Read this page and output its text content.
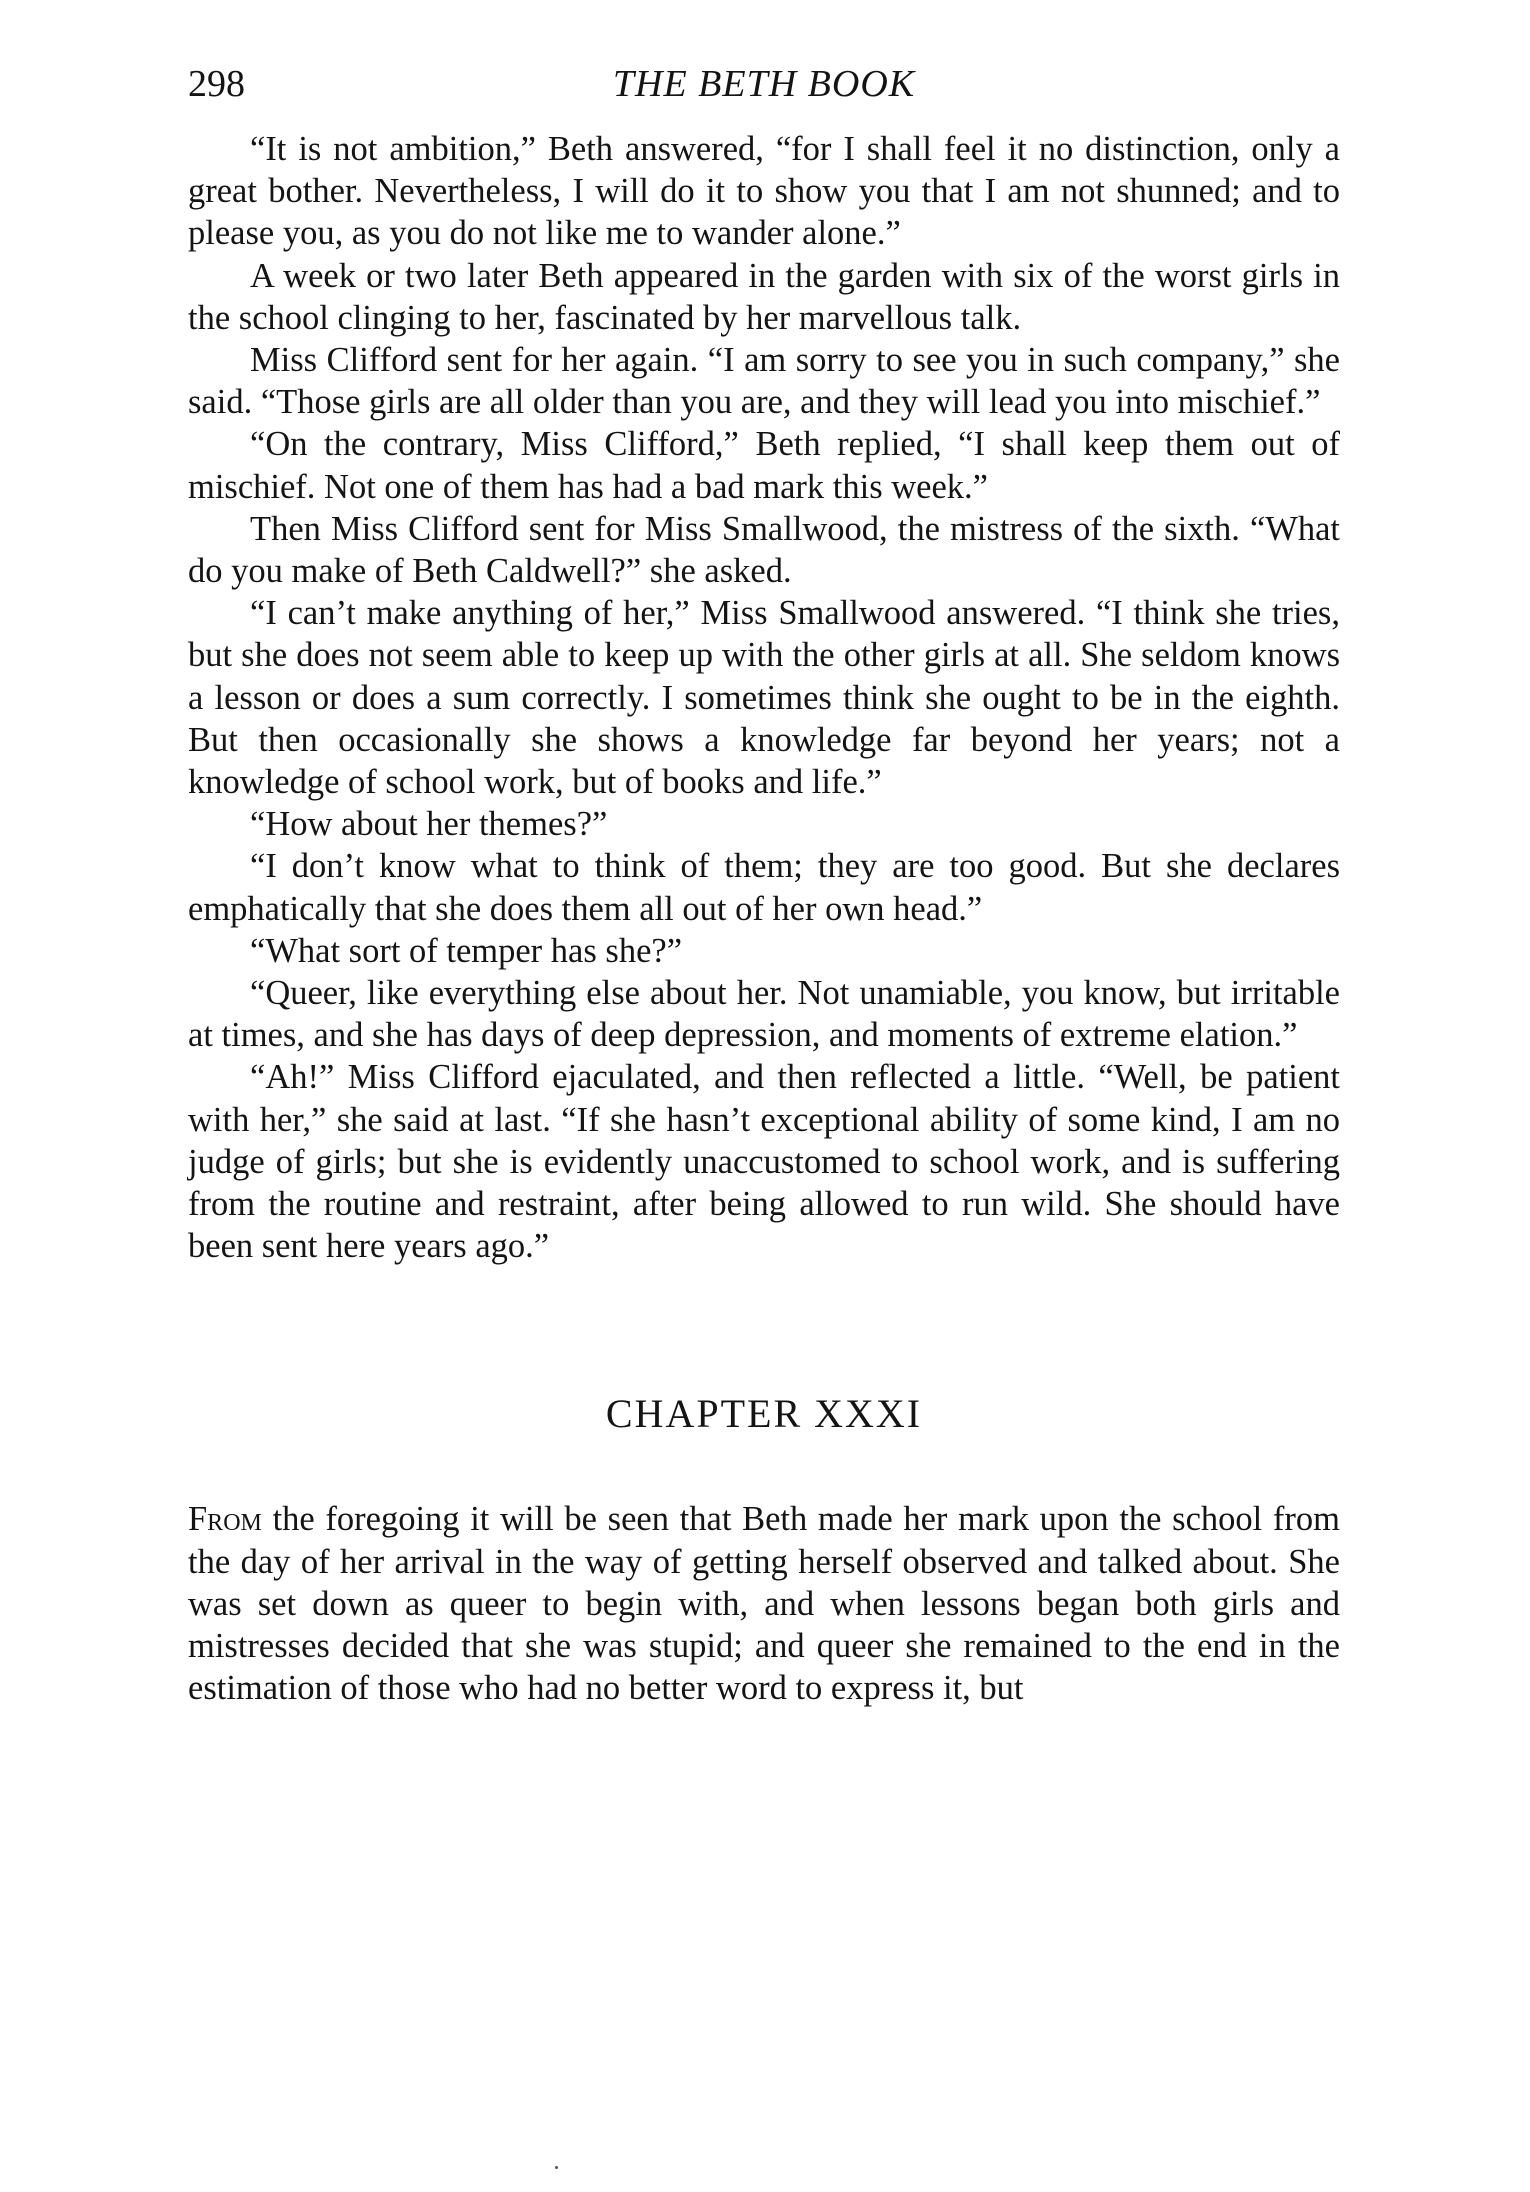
298	THE BETH BOOK

“It is not ambition,” Beth answered, “for I shall feel it no distinction, only a great bother. Nevertheless, I will do it to show you that I am not shunned; and to please you, as you do not like me to wander alone.”

A week or two later Beth appeared in the garden with six of the worst girls in the school clinging to her, fascinated by her marvellous talk.

Miss Clifford sent for her again. “I am sorry to see you in such company,” she said. “Those girls are all older than you are, and they will lead you into mischief.”

“On the contrary, Miss Clifford,” Beth replied, “I shall keep them out of mischief. Not one of them has had a bad mark this week.”

Then Miss Clifford sent for Miss Smallwood, the mistress of the sixth. “What do you make of Beth Caldwell?” she asked.

“I can’t make anything of her,” Miss Smallwood answered. “I think she tries, but she does not seem able to keep up with the other girls at all. She seldom knows a lesson or does a sum correctly. I sometimes think she ought to be in the eighth. But then occasionally she shows a knowledge far beyond her years; not a knowledge of school work, but of books and life.”

“How about her themes?”

“I don’t know what to think of them; they are too good. But she declares emphatically that she does them all out of her own head.”

“What sort of temper has she?”

“Queer, like everything else about her. Not unamiable, you know, but irritable at times, and she has days of deep depression, and moments of extreme elation.”

“Ah!” Miss Clifford ejaculated, and then reflected a little. “Well, be patient with her,” she said at last. “If she hasn’t exceptional ability of some kind, I am no judge of girls; but she is evidently unaccustomed to school work, and is suffering from the routine and restraint, after being allowed to run wild. She should have been sent here years ago.”

CHAPTER XXXI

From the foregoing it will be seen that Beth made her mark upon the school from the day of her arrival in the way of getting herself observed and talked about. She was set down as queer to begin with, and when lessons began both girls and mistresses decided that she was stupid; and queer she remained to the end in the estimation of those who had no better word to express it, but
